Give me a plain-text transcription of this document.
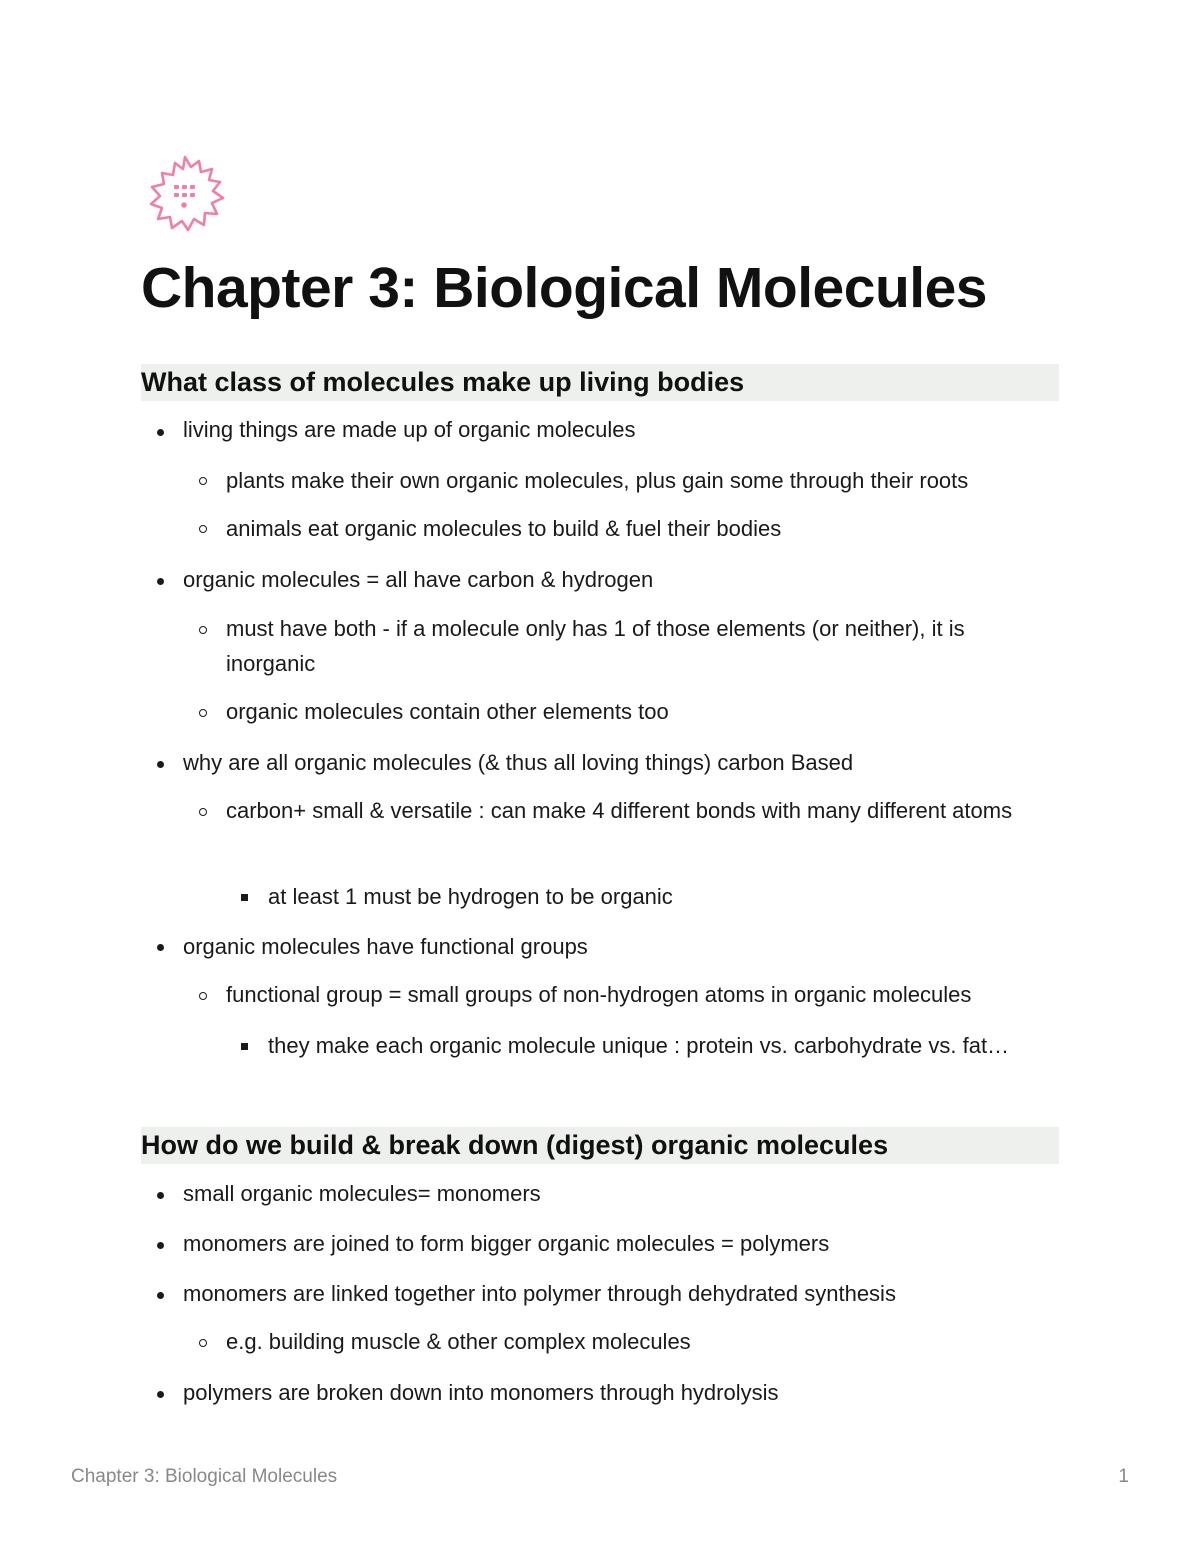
Chapter 3: Biological Molecules
What class of molecules make up living bodies
living things are made up of organic molecules
plants make their own organic molecules, plus gain some through their roots
animals eat organic molecules to build & fuel their bodies
organic molecules = all have carbon & hydrogen
must have both - if a molecule only has 1 of those elements (or neither), it is inorganic
organic molecules contain other elements too
why are all organic molecules (& thus all loving things) carbon Based
carbon+ small & versatile : can make 4 different bonds with many different atoms
at least 1 must be hydrogen to be organic
organic molecules have functional groups
functional group = small groups of non-hydrogen atoms in organic molecules
they make each organic molecule unique : protein vs. carbohydrate vs. fat…
How do we build & break down (digest) organic molecules
small organic molecules= monomers
monomers are joined to form bigger organic molecules = polymers
monomers are linked together into polymer through dehydrated synthesis
e.g. building muscle & other complex molecules
polymers are broken down into monomers through hydrolysis
Chapter 3: Biological Molecules	1
